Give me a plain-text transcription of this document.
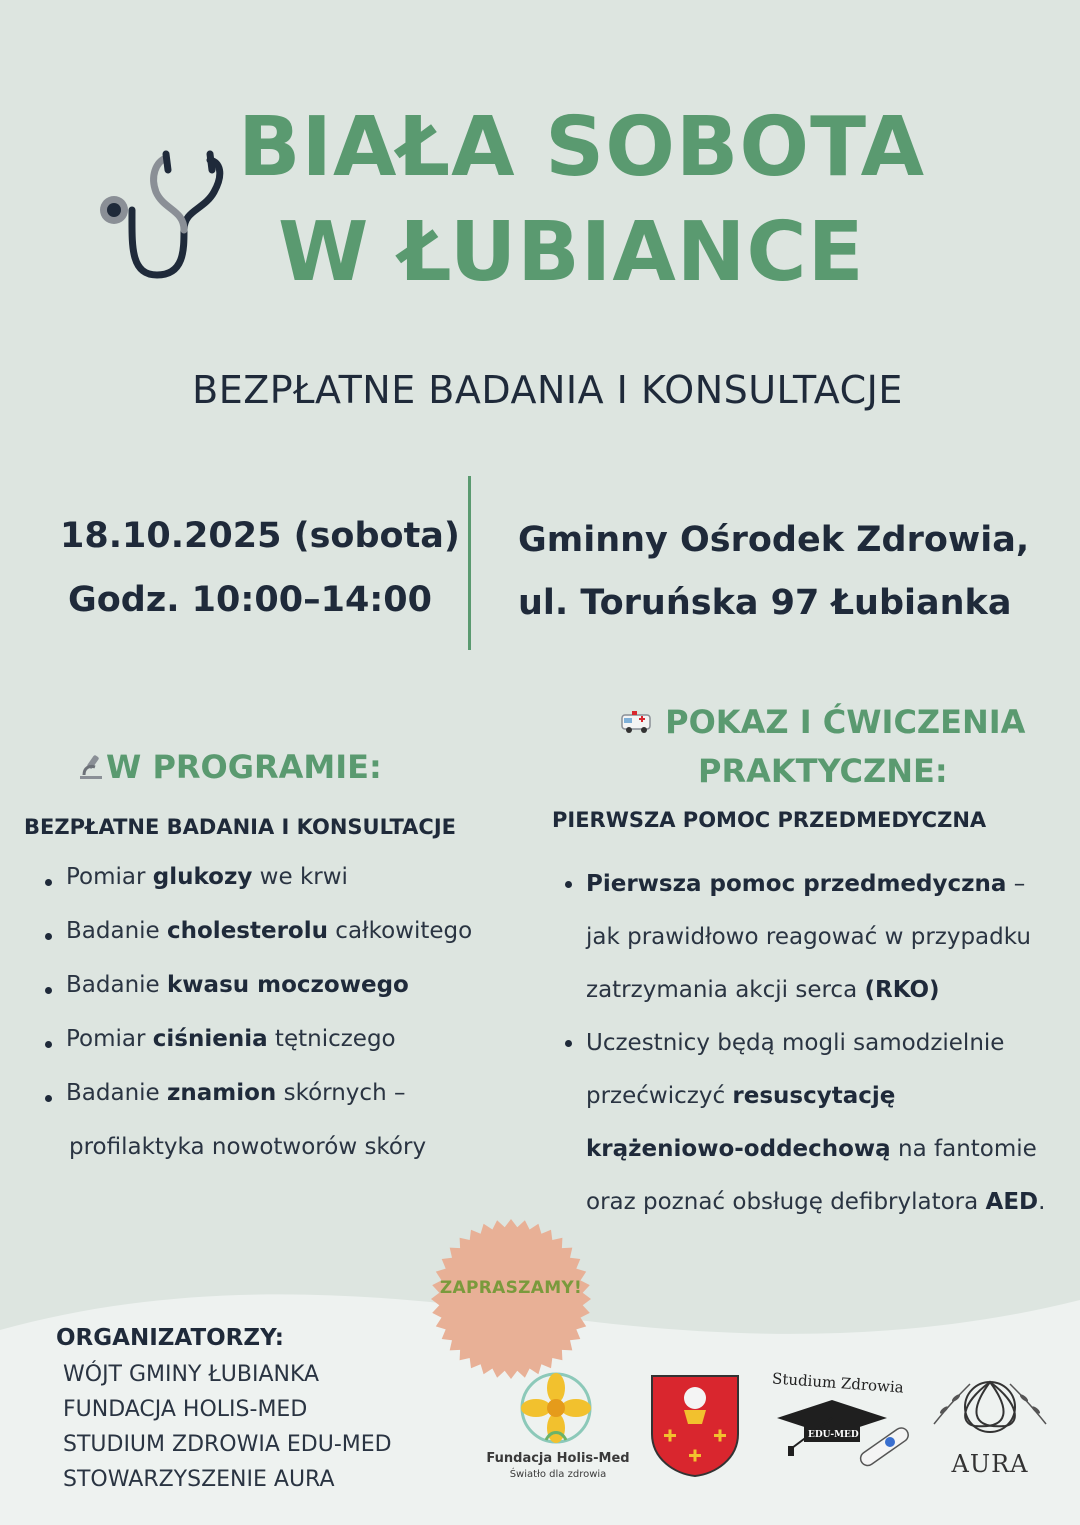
BIAŁA SOBOTA
W ŁUBIANCE
BEZPŁATNE BADANIA I KONSULTACJE
18.10.2025 (sobota)
Godz. 10:00–14:00
Gminny Ośrodek Zdrowia,
ul. Toruńska 97 Łubianka
W PROGRAMIE:
BEZPŁATNE BADANIA I KONSULTACJE
Pomiar glukozy we krwi
Badanie cholesterolu całkowitego
Badanie kwasu moczowego
Pomiar ciśnienia tętniczego
Badanie znamion skórnych –
profilaktyka nowotworów skóry
POKAZ I ĆWICZENIA
PRAKTYCZNE:
PIERWSZA POMOC PRZEDMEDYCZNA
Pierwsza pomoc przedmedyczna – jak prawidłowo reagować w przypadku zatrzymania akcji serca (RKO)
Uczestnicy będą mogli samodzielnie przećwiczyć resuscytację krążeniowo-oddechową na fantomie oraz poznać obsługę defibrylatora AED.
ZAPRASZAMY!
ORGANIZATORZY:
WÓJT GMINY ŁUBIANKA
FUNDACJA HOLIS-MED
STUDIUM ZDROWIA EDU-MED
STOWARZYSZENIE AURA
Fundacja Holis-Med
Światło dla zdrowia
Studium Zdrowia
EDU-MED
AURA
